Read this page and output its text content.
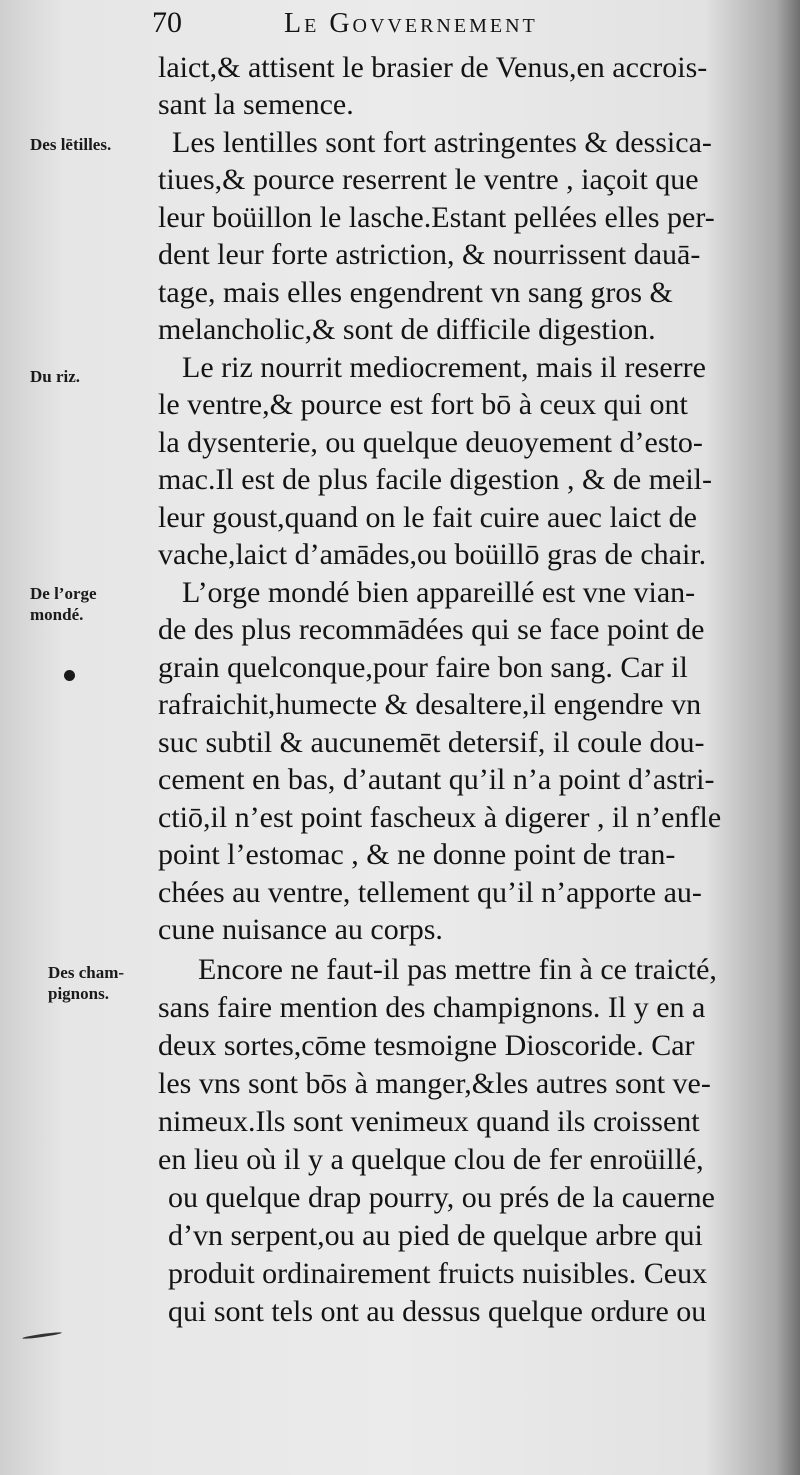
70	Le Govvernement
Des lētilles.
Du riz.
De l’orge
mondé.
Des cham-
pignons.
laict,& attisent le brasier de Venus,en accrois-
sant la semence.
Les lentilles sont fort astringentes & dessica-
tiues,& pource reserrent le ventre , iaçoit que
leur boüillon le lasche.Estant pellées elles per-
dent leur forte astriction, & nourrissent dauā-
tage, mais elles engendrent vn sang gros &
melancholic,& sont de difficile digestion.
Le riz nourrit mediocrement, mais il reserre
le ventre,& pource est fort bō à ceux qui ont
la dysenterie, ou quelque deuoyement d’esto-
mac.Il est de plus facile digestion , & de meil-
leur goust,quand on le fait cuire auec laict de
vache,laict d’amādes,ou boüillō gras de chair.
L’orge mondé bien appareillé est vne vian-
de des plus recommādées qui se face point de
grain quelconque,pour faire bon sang. Car il
rafraichit,humecte & desaltere,il engendre vn
suc subtil & aucunemēt detersif, il coule dou-
cement en bas, d’autant qu’il n’a point d’astri-
ctiō,il n’est point fascheux à digerer , il n’enfle
point l’estomac , & ne donne point de tran-
chées au ventre, tellement qu’il n’apporte au-
cune nuisance au corps.
Encore ne faut-il pas mettre fin à ce traicté,
sans faire mention des champignons. Il y en a
deux sortes,cōme tesmoigne Dioscoride. Car
les vns sont bōs à manger,&les autres sont ve-
nimeux.Ils sont venimeux quand ils croissent
en lieu où il y a quelque clou de fer enroüillé,
ou quelque drap pourry, ou prés de la cauerne
d’vn serpent,ou au pied de quelque arbre qui
produit ordinairement fruicts nuisibles. Ceux
qui sont tels ont au dessus quelque ordure ou
